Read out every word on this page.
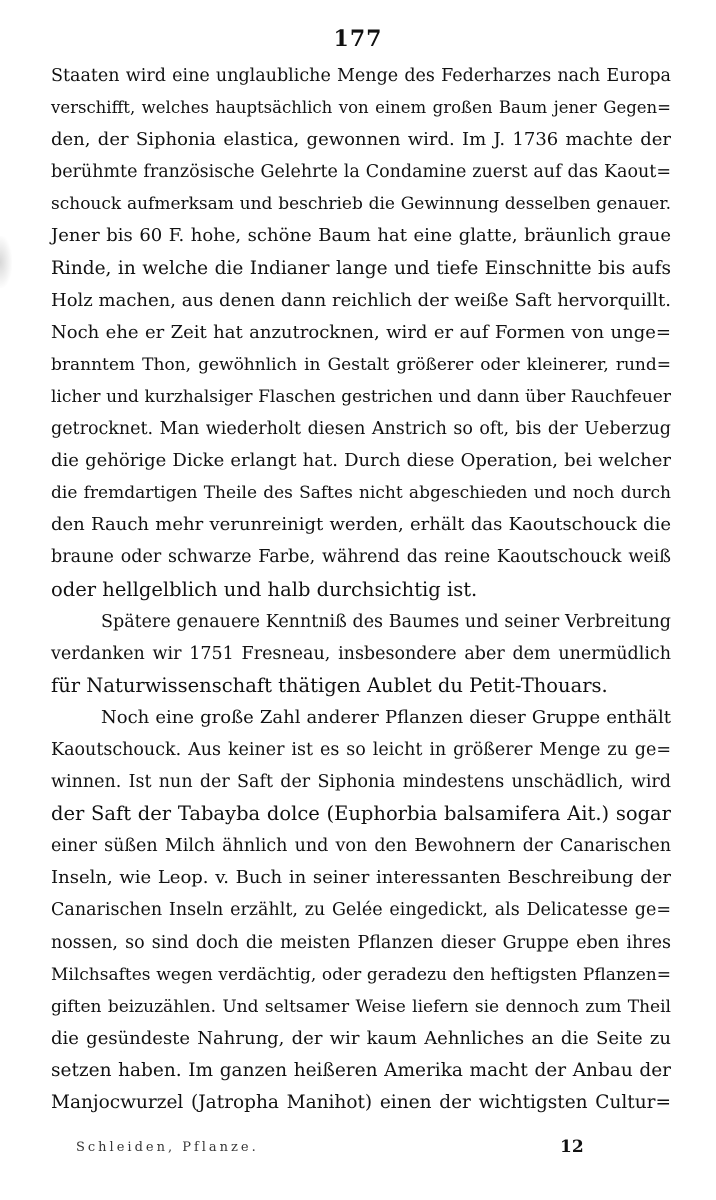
177
Staaten wird eine unglaubliche Menge des Federharzes nach Europa
verschifft, welches hauptsächlich von einem großen Baum jener Gegen=
den, der Siphonia elastica, gewonnen wird. Im J. 1736 machte der
berühmte französische Gelehrte la Condamine zuerst auf das Kaout=
schouck aufmerksam und beschrieb die Gewinnung desselben genauer.
Jener bis 60 F. hohe, schöne Baum hat eine glatte, bräunlich graue
Rinde, in welche die Indianer lange und tiefe Einschnitte bis aufs
Holz machen, aus denen dann reichlich der weiße Saft hervorquillt.
Noch ehe er Zeit hat anzutrocknen, wird er auf Formen von unge=
branntem Thon, gewöhnlich in Gestalt größerer oder kleinerer, rund=
licher und kurzhalsiger Flaschen gestrichen und dann über Rauchfeuer
getrocknet. Man wiederholt diesen Anstrich so oft, bis der Ueberzug
die gehörige Dicke erlangt hat. Durch diese Operation, bei welcher
die fremdartigen Theile des Saftes nicht abgeschieden und noch durch
den Rauch mehr verunreinigt werden, erhält das Kaoutschouck die
braune oder schwarze Farbe, während das reine Kaoutschouck weiß
oder hellgelblich und halb durchsichtig ist.
Spätere genauere Kenntniß des Baumes und seiner Verbreitung
verdanken wir 1751 Fresneau, insbesondere aber dem unermüdlich
für Naturwissenschaft thätigen Aublet du Petit-Thouars.
Noch eine große Zahl anderer Pflanzen dieser Gruppe enthält
Kaoutschouck. Aus keiner ist es so leicht in größerer Menge zu ge=
winnen. Ist nun der Saft der Siphonia mindestens unschädlich, wird
der Saft der Tabayba dolce (Euphorbia balsamifera Ait.) sogar
einer süßen Milch ähnlich und von den Bewohnern der Canarischen
Inseln, wie Leop. v. Buch in seiner interessanten Beschreibung der
Canarischen Inseln erzählt, zu Gelée eingedickt, als Delicatesse ge=
nossen, so sind doch die meisten Pflanzen dieser Gruppe eben ihres
Milchsaftes wegen verdächtig, oder geradezu den heftigsten Pflanzen=
giften beizuzählen. Und seltsamer Weise liefern sie dennoch zum Theil
die gesündeste Nahrung, der wir kaum Aehnliches an die Seite zu
setzen haben. Im ganzen heißeren Amerika macht der Anbau der
Manjocwurzel (Jatropha Manihot) einen der wichtigsten Cultur=
Schleiden, Pflanze.	12
